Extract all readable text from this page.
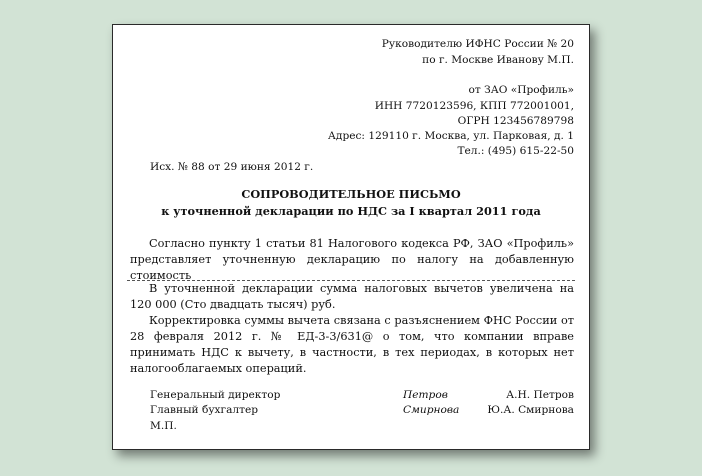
Руководителю ИФНС России № 20
по г. Москве Иванову М.П.
от ЗАО «Профиль»
ИНН 7720123596, КПП 772001001,
ОГРН 123456789798
Адрес: 129110 г. Москва, ул. Парковая, д. 1
Тел.: (495) 615-22-50
Исх. № 88 от 29 июня 2012 г.
СОПРОВОДИТЕЛЬНОЕ ПИСЬМО
к уточненной декларации по НДС за I квартал 2011 года
Согласно пункту 1 статьи 81 Налогового кодекса РФ, ЗАО «Профиль» представляет уточненную декларацию по налогу на добавленную стоимость
В уточненной декларации сумма налоговых вычетов увеличена на 120 000 (Сто двадцать тысяч) руб.
Корректировка суммы вычета связана с разъяснением ФНС России от 28 февраля 2012 г. № ЕД-3-3/631@ о том, что компании вправе принимать НДС к вычету, в частности, в тех периодах, в которых нет налогооблагаемых операций.
Генеральный директор	Петров	А.Н. Петров
Главный бухгалтер	Смирнова	Ю.А. Смирнова
М.П.
